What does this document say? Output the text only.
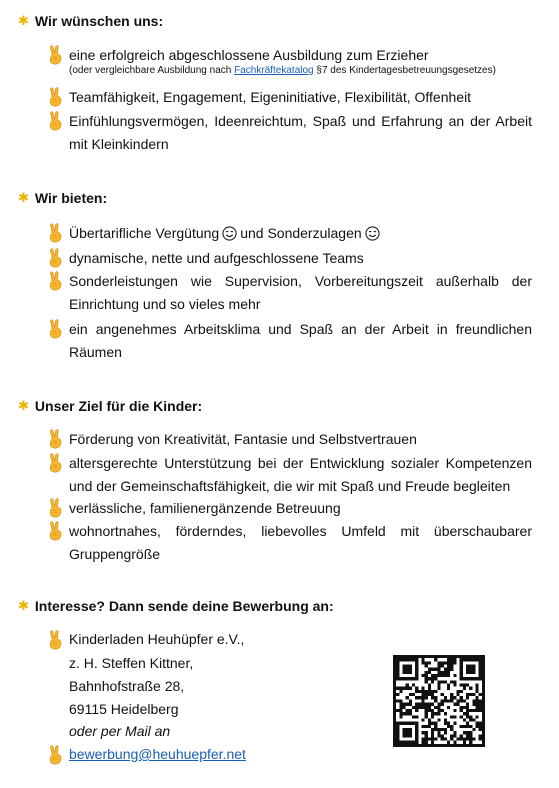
✱ Wir wünschen uns:
eine erfolgreich abgeschlossene Ausbildung zum Erzieher
(oder vergleichbare Ausbildung nach Fachkräftekatalog §7 des Kindertagesbetreuungsgesetzes)
Teamfähigkeit, Engagement, Eigeninitiative, Flexibilität, Offenheit
Einfühlungsvermögen, Ideenreichtum, Spaß und Erfahrung an der Arbeit mit Kleinkindern
✱ Wir bieten:
Übertarifliche Vergütung und Sonderzulagen
dynamische, nette und aufgeschlossene Teams
Sonderleistungen wie Supervision, Vorbereitungszeit außerhalb der Einrichtung und so vieles mehr
ein angenehmes Arbeitsklima und Spaß an der Arbeit in freundlichen Räumen
✱ Unser Ziel für die Kinder:
Förderung von Kreativität, Fantasie und Selbstvertrauen
altersgerechte Unterstützung bei der Entwicklung sozialer Kompetenzen und der Gemeinschaftsfähigkeit, die wir mit Spaß und Freude begleiten
verlässliche, familienergänzende Betreuung
wohnortnahes, förderndes, liebevolles Umfeld mit überschaubarer Gruppengröße
✱ Interesse? Dann sende deine Bewerbung an:
Kinderladen Heuhüpfer e.V.,
z. H. Steffen Kittner,
Bahnhofstraße 28,
69115 Heidelberg
oder per Mail an
bewerbung@heuhuepfer.net
